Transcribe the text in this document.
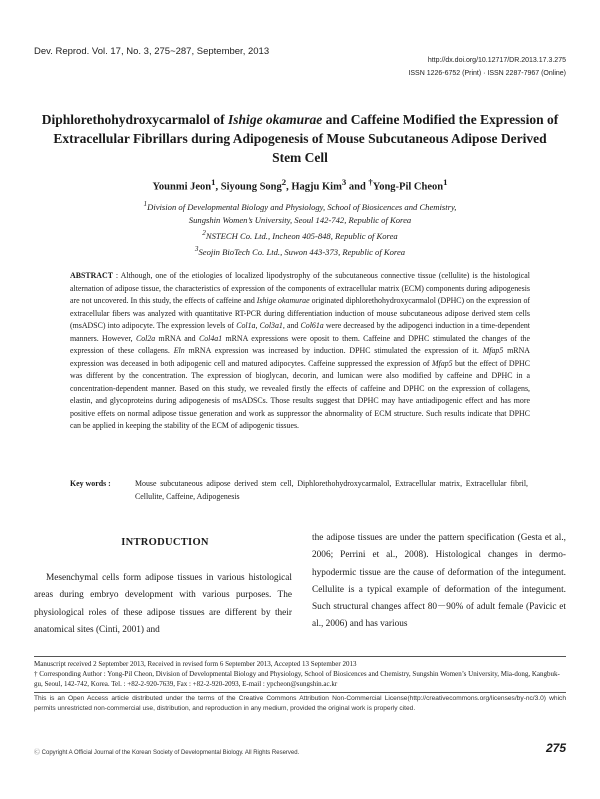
Dev. Reprod. Vol. 17, No. 3, 275~287, September, 2013
http://dx.doi.org/10.12717/DR.2013.17.3.275
ISSN 1226-6752 (Print) · ISSN 2287-7967 (Online)
Diphlorethohydroxycarmalol of Ishige okamurae and Caffeine Modified the Expression of Extracellular Fibrillars during Adipogenesis of Mouse Subcutaneous Adipose Derived Stem Cell
Younmi Jeon$^1$, Siyoung Song$^2$, Hagju Kim$^3$ and †Yong-Pil Cheon$^1$
$^1$Division of Developmental Biology and Physiology, School of Biosicences and Chemistry,
Sungshin Women’s University, Seoul 142-742, Republic of Korea
$^2$NSTECH Co. Ltd., Incheon 405-848, Republic of Korea
$^3$Seojin BioTech Co. Ltd., Suwon 443-373, Republic of Korea
ABSTRACT : Although, one of the etiologies of localized lipodystrophy of the subcutaneous connective tissue (cellulite) is the histological alternation of adipose tissue, the characteristics of expression of the components of extracellular matrix (ECM) components during adipogenesis are not uncovered. In this study, the effects of caffeine and Ishige okamurae originated diphlorethohydroxycarmalol (DPHC) on the expression of extracellular fibers was analyzed with quantitative RT-PCR during differentiation induction of mouse subcutaneous adipose derived stem cells (msADSC) into adipocyte. The expression levels of Col1a, Col3a1, and Col61a were decreased by the adipogenci induction in a time-dependent manners. However, Col2a mRNA and Col4a1 mRNA expressions were oposit to them. Caffeine and DPHC stimulated the changes of the expression of these collagens. Eln mRNA expression was increased by induction. DPHC stimulated the expression of it. Mfap5 mRNA expression was deceased in both adipogenic cell and matured adipocytes. Caffeine suppressed the expression of Mfap5 but the effect of DPHC was different by the concentration. The expression of bioglycan, decorin, and lumican were also modified by caffeine and DPHC in a concentration-dependent manner. Based on this study, we revealed firstly the effects of caffeine and DPHC on the expression of collagens, elastin, and glycoproteins during adipogenesis of msADSCs. Those results suggest that DPHC may have antiadipogenic effect and has more positive effets on normal adipose tissue generation and work as suppressor the abnormality of ECM structure. Such results indicate that DPHC can be applied in keeping the stability of the ECM of adipogenic tissues.
Key words :	Mouse subcutaneous adipose derived stem cell, Diphlorethohydroxycarmalol, Extracellular matrix, Extracellular fibril, Cellulite, Caffeine, Adipogenesis
INTRODUCTION
Mesenchymal cells form adipose tissues in various histological areas during embryo development with various purposes. The physiological roles of these adipose tissues are different by their anatomical sites (Cinti, 2001) and
the adipose tissues are under the pattern specification (Gesta et al., 2006; Perrini et al., 2008). Histological changes in dermo-hypodermic tissue are the cause of deformation of the integument. Cellulite is a typical example of deformation of the integument. Such structural changes affect 80－90% of adult female (Pavicic et al., 2006) and has various
Manuscript received 2 September 2013, Received in revised form 6 September 2013, Accepted 13 September 2013
† Corresponding Author : Yong-Pil Cheon, Division of Developmental Biology and Physiology, School of Biosicences and Chemistry, Sungshin Women’s University, Mia-dong, Kangbuk-gu, Seoul, 142-742, Korea. Tel. : +82-2-920-7639, Fax : +82-2-920-2093, E-mail : ypcheon@sungshin.ac.kr
This is an Open Access article distributed under the terms of the Creative Commons Attribution Non-Commercial License(http://creativecommons.org/licenses/by-nc/3.0) which permits unrestricted non-commercial use, distribution, and reproduction in any medium, provided the original work is properly cited.
Ⓒ Copyright A Official Journal of the Korean Society of Developmental Biology. All Rights Reserved.	275
